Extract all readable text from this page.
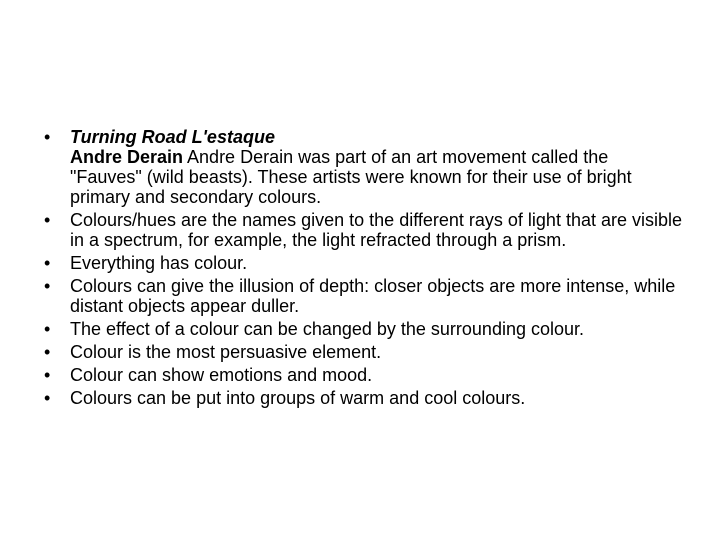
•	Turning Road L'estaque
Andre Derain Andre Derain was part of an art movement called the "Fauves" (wild beasts). These artists were known for their use of bright primary and secondary colours.
•	Colours/hues are the names given to the different rays of light that are visible in a spectrum, for example, the light refracted through a prism.
•	Everything has colour.
•	Colours can give the illusion of depth: closer objects are more intense, while distant objects appear duller.
•	The effect of a colour can be changed by the surrounding colour.
•	Colour is the most persuasive element.
•	Colour can show emotions and mood.
•	Colours can be put into groups of warm and cool colours.
